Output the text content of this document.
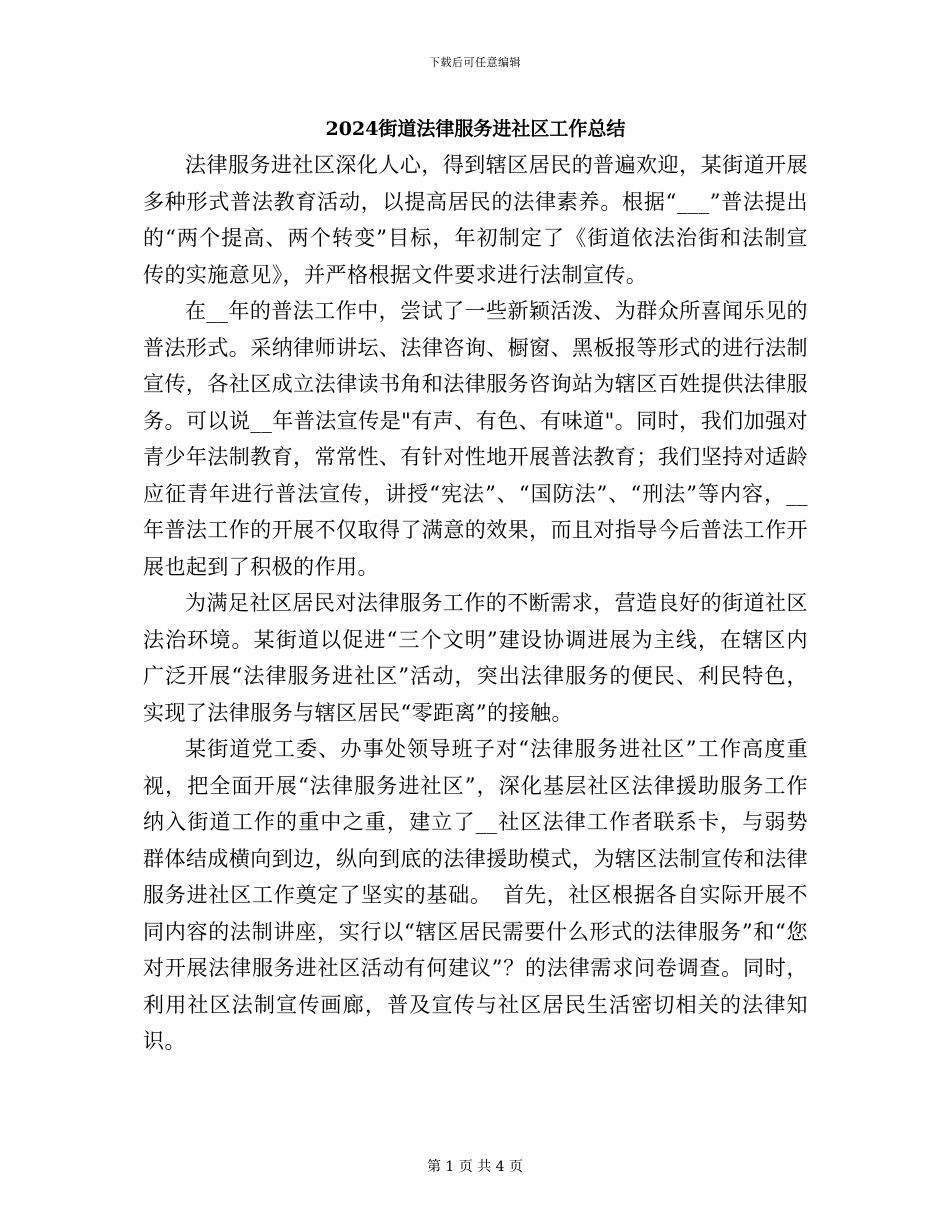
下载后可任意编辑
2024街道法律服务进社区工作总结

法律服务进社区深化人心，得到辖区居民的普遍欢迎，某街道开展多种形式普法教育活动，以提高居民的法律素养。根据“___”普法提出的“两个提高、两个转变”目标，年初制定了《街道依法治街和法制宣传的实施意见》，并严格根据文件要求进行法制宣传。

在__年的普法工作中，尝试了一些新颖活泼、为群众所喜闻乐见的普法形式。采纳律师讲坛、法律咨询、橱窗、黑板报等形式的进行法制宣传，各社区成立法律读书角和法律服务咨询站为辖区百姓提供法律服务。可以说__年普法宣传是"有声、有色、有味道"。同时，我们加强对青少年法制教育，常常性、有针对性地开展普法教育；我们坚持对适龄应征青年进行普法宣传，讲授“宪法”、“国防法”、“刑法”等内容，__年普法工作的开展不仅取得了满意的效果，而且对指导今后普法工作开展也起到了积极的作用。

为满足社区居民对法律服务工作的不断需求，营造良好的街道社区法治环境。某街道以促进“三个文明”建设协调进展为主线，在辖区内广泛开展“法律服务进社区”活动，突出法律服务的便民、利民特色，实现了法律服务与辖区居民“零距离”的接触。

某街道党工委、办事处领导班子对“法律服务进社区”工作高度重视，把全面开展“法律服务进社区”，深化基层社区法律援助服务工作纳入街道工作的重中之重，建立了__社区法律工作者联系卡，与弱势群体结成横向到边，纵向到底的法律援助模式，为辖区法制宣传和法律服务进社区工作奠定了坚实的基础。　首先，社区根据各自实际开展不同内容的法制讲座，实行以“辖区居民需要什么形式的法律服务”和“您对开展法律服务进社区活动有何建议”？的法律需求问卷调查。同时，利用社区法制宣传画廊，普及宣传与社区居民生活密切相关的法律知识。

第 1 页 共 4 页
